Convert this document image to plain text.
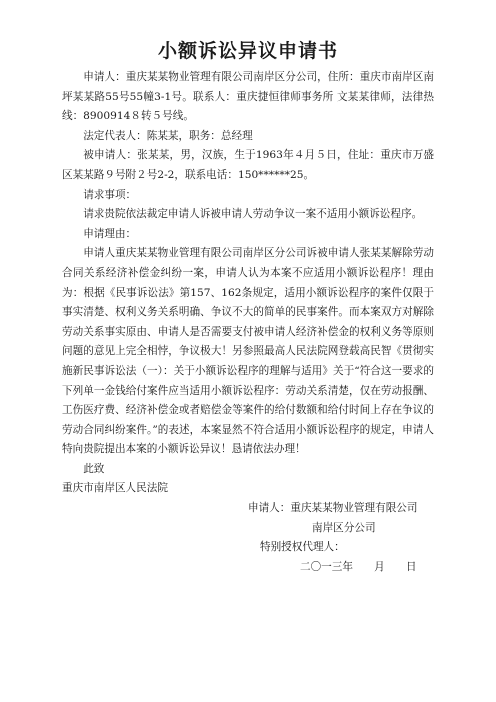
小额诉讼异议申请书

申请人：重庆某某物业管理有限公司南岸区分公司，住所：重庆市南岸区南坪某某路55号55幢3-1号。联系人：重庆捷恒律师事务所 文某某律师，法律热线：8900914８转５号线。

法定代表人：陈某某，职务：总经理

被申请人：张某某，男，汉族，生于1963年４月５日，住址：重庆市万盛区某某路９号附２号2-2，联系电话：150******25。

请求事项：

请求贵院依法裁定申请人诉被申请人劳动争议一案不适用小额诉讼程序。

申请理由：

申请人重庆某某物业管理有限公司南岸区分公司诉被申请人张某某解除劳动合同关系经济补偿金纠纷一案，申请人认为本案不应适用小额诉讼程序！理由为：根据《民事诉讼法》第157、162条规定，适用小额诉讼程序的案件仅限于事实清楚、权利义务关系明确、争议不大的简单的民事案件。而本案双方对解除劳动关系事实原由、申请人是否需要支付被申请人经济补偿金的权利义务等原则问题的意见上完全相悖，争议极大！另参照最高人民法院网登载高民智《贯彻实施新民事诉讼法（一）：关于小额诉讼程序的理解与适用》关于“符合这一要求的下列单一金钱给付案件应当适用小额诉讼程序：劳动关系清楚，仅在劳动报酬、工伤医疗费、经济补偿金或者赔偿金等案件的给付数额和给付时间上存在争议的劳动合同纠纷案件。”的表述，本案显然不符合适用小额诉讼程序的规定，申请人特向贵院提出本案的小额诉讼异议！恳请依法办理！

此致

重庆市南岸区人民法院

申请人：重庆某某物业管理有限公司

南岸区分公司

特别授权代理人：

二〇一三年　　月　　日
